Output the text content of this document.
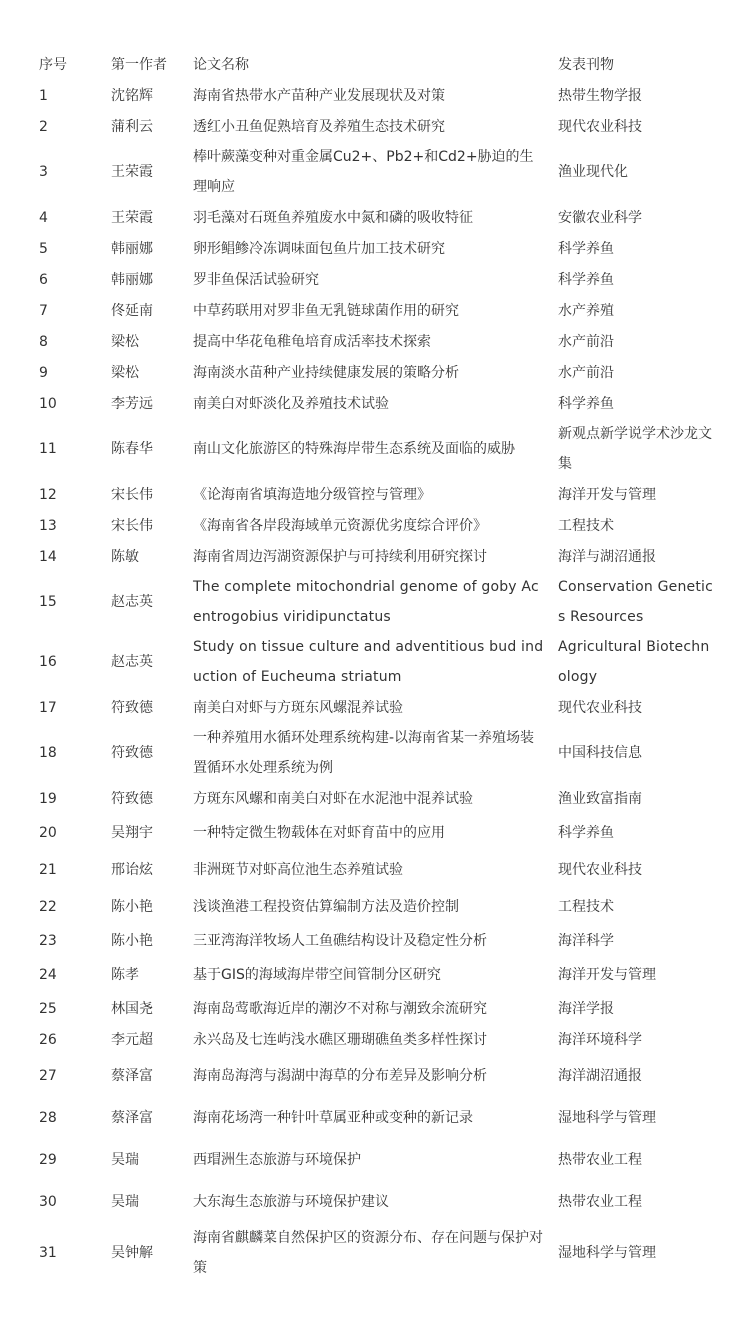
序号	第一作者	论文名称	发表刊物
1	沈铭辉	海南省热带水产苗种产业发展现状及对策	热带生物学报
2	蒲利云	透红小丑鱼促熟培育及养殖生态技术研究	现代农业科技
3	王荣霞	棒叶蕨藻变种对重金属Cu2+、Pb2+和Cd2+胁迫的生理响应	渔业现代化
4	王荣霞	羽毛藻对石斑鱼养殖废水中氮和磷的吸收特征	安徽农业科学
5	韩丽娜	卵形鲳鲹冷冻调味面包鱼片加工技术研究	科学养鱼
6	韩丽娜	罗非鱼保活试验研究	科学养鱼
7	佟延南	中草药联用对罗非鱼无乳链球菌作用的研究	水产养殖
8	梁松	提高中华花龟稚龟培育成活率技术探索	水产前沿
9	梁松	海南淡水苗种产业持续健康发展的策略分析	水产前沿
10	李芳远	南美白对虾淡化及养殖技术试验	科学养鱼
11	陈春华	南山文化旅游区的特殊海岸带生态系统及面临的威胁	新观点新学说学术沙龙文集
12	宋长伟	《论海南省填海造地分级管控与管理》	海洋开发与管理
13	宋长伟	《海南省各岸段海域单元资源优劣度综合评价》	工程技术
14	陈敏	海南省周边泻湖资源保护与可持续利用研究探讨	海洋与湖沼通报
15	赵志英	The complete mitochondrial genome of goby Acentrogobius viridipunctatus	Conservation Genetics Resources
16	赵志英	Study on tissue culture and adventitious bud induction of Eucheuma striatum	Agricultural Biotechnology
17	符致德	南美白对虾与方斑东风螺混养试验	现代农业科技
18	符致德	一种养殖用水循环处理系统构建-以海南省某一养殖场装置循环水处理系统为例	中国科技信息
19	符致德	方斑东风螺和南美白对虾在水泥池中混养试验	渔业致富指南
20	吴翔宇	一种特定微生物载体在对虾育苗中的应用	科学养鱼
21	邢诒炫	非洲斑节对虾高位池生态养殖试验	现代农业科技
22	陈小艳	浅谈渔港工程投资估算编制方法及造价控制	工程技术
23	陈小艳	三亚湾海洋牧场人工鱼礁结构设计及稳定性分析	海洋科学
24	陈孝	基于GIS的海域海岸带空间管制分区研究	海洋开发与管理
25	林国尧	海南岛莺歌海近岸的潮汐不对称与潮致余流研究	海洋学报
26	李元超	永兴岛及七连屿浅水礁区珊瑚礁鱼类多样性探讨	海洋环境科学
27	蔡泽富	海南岛海湾与潟湖中海草的分布差异及影响分析	海洋湖沼通报
28	蔡泽富	海南花场湾一种针叶草属亚种或变种的新记录	湿地科学与管理
29	吴瑞	西瑁洲生态旅游与环境保护	热带农业工程
30	吴瑞	大东海生态旅游与环境保护建议	热带农业工程
31	吴钟解	海南省麒麟菜自然保护区的资源分布、存在问题与保护对策	湿地科学与管理
